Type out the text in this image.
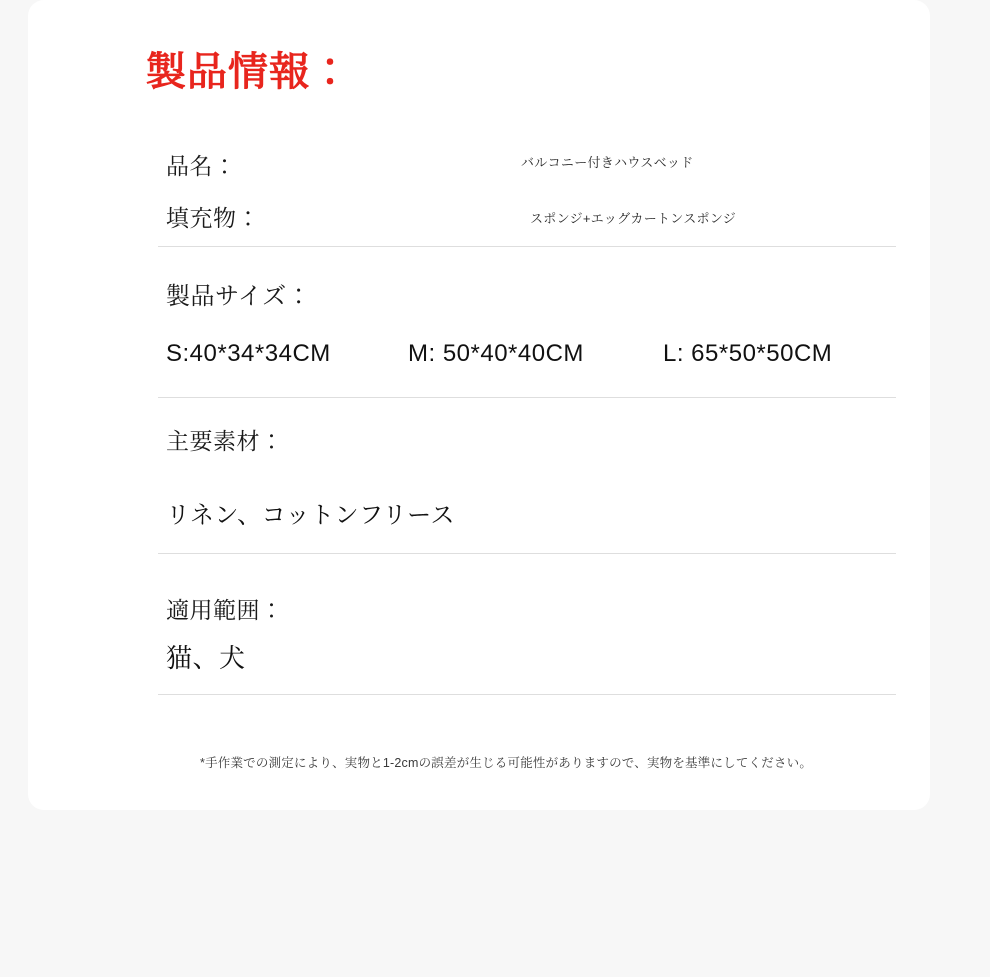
製品情報：
品名：	バルコニー付きハウスベッド
填充物：	スポンジ+エッグカートンスポンジ
製品サイズ：
S:40*34*34CM	M: 50*40*40CM	L: 65*50*50CM
主要素材：
リネン、コットンフリース
適用範囲：
猫、犬
*手作業での測定により、実物と1-2cmの誤差が生じる可能性がありますので、実物を基準にしてください。
